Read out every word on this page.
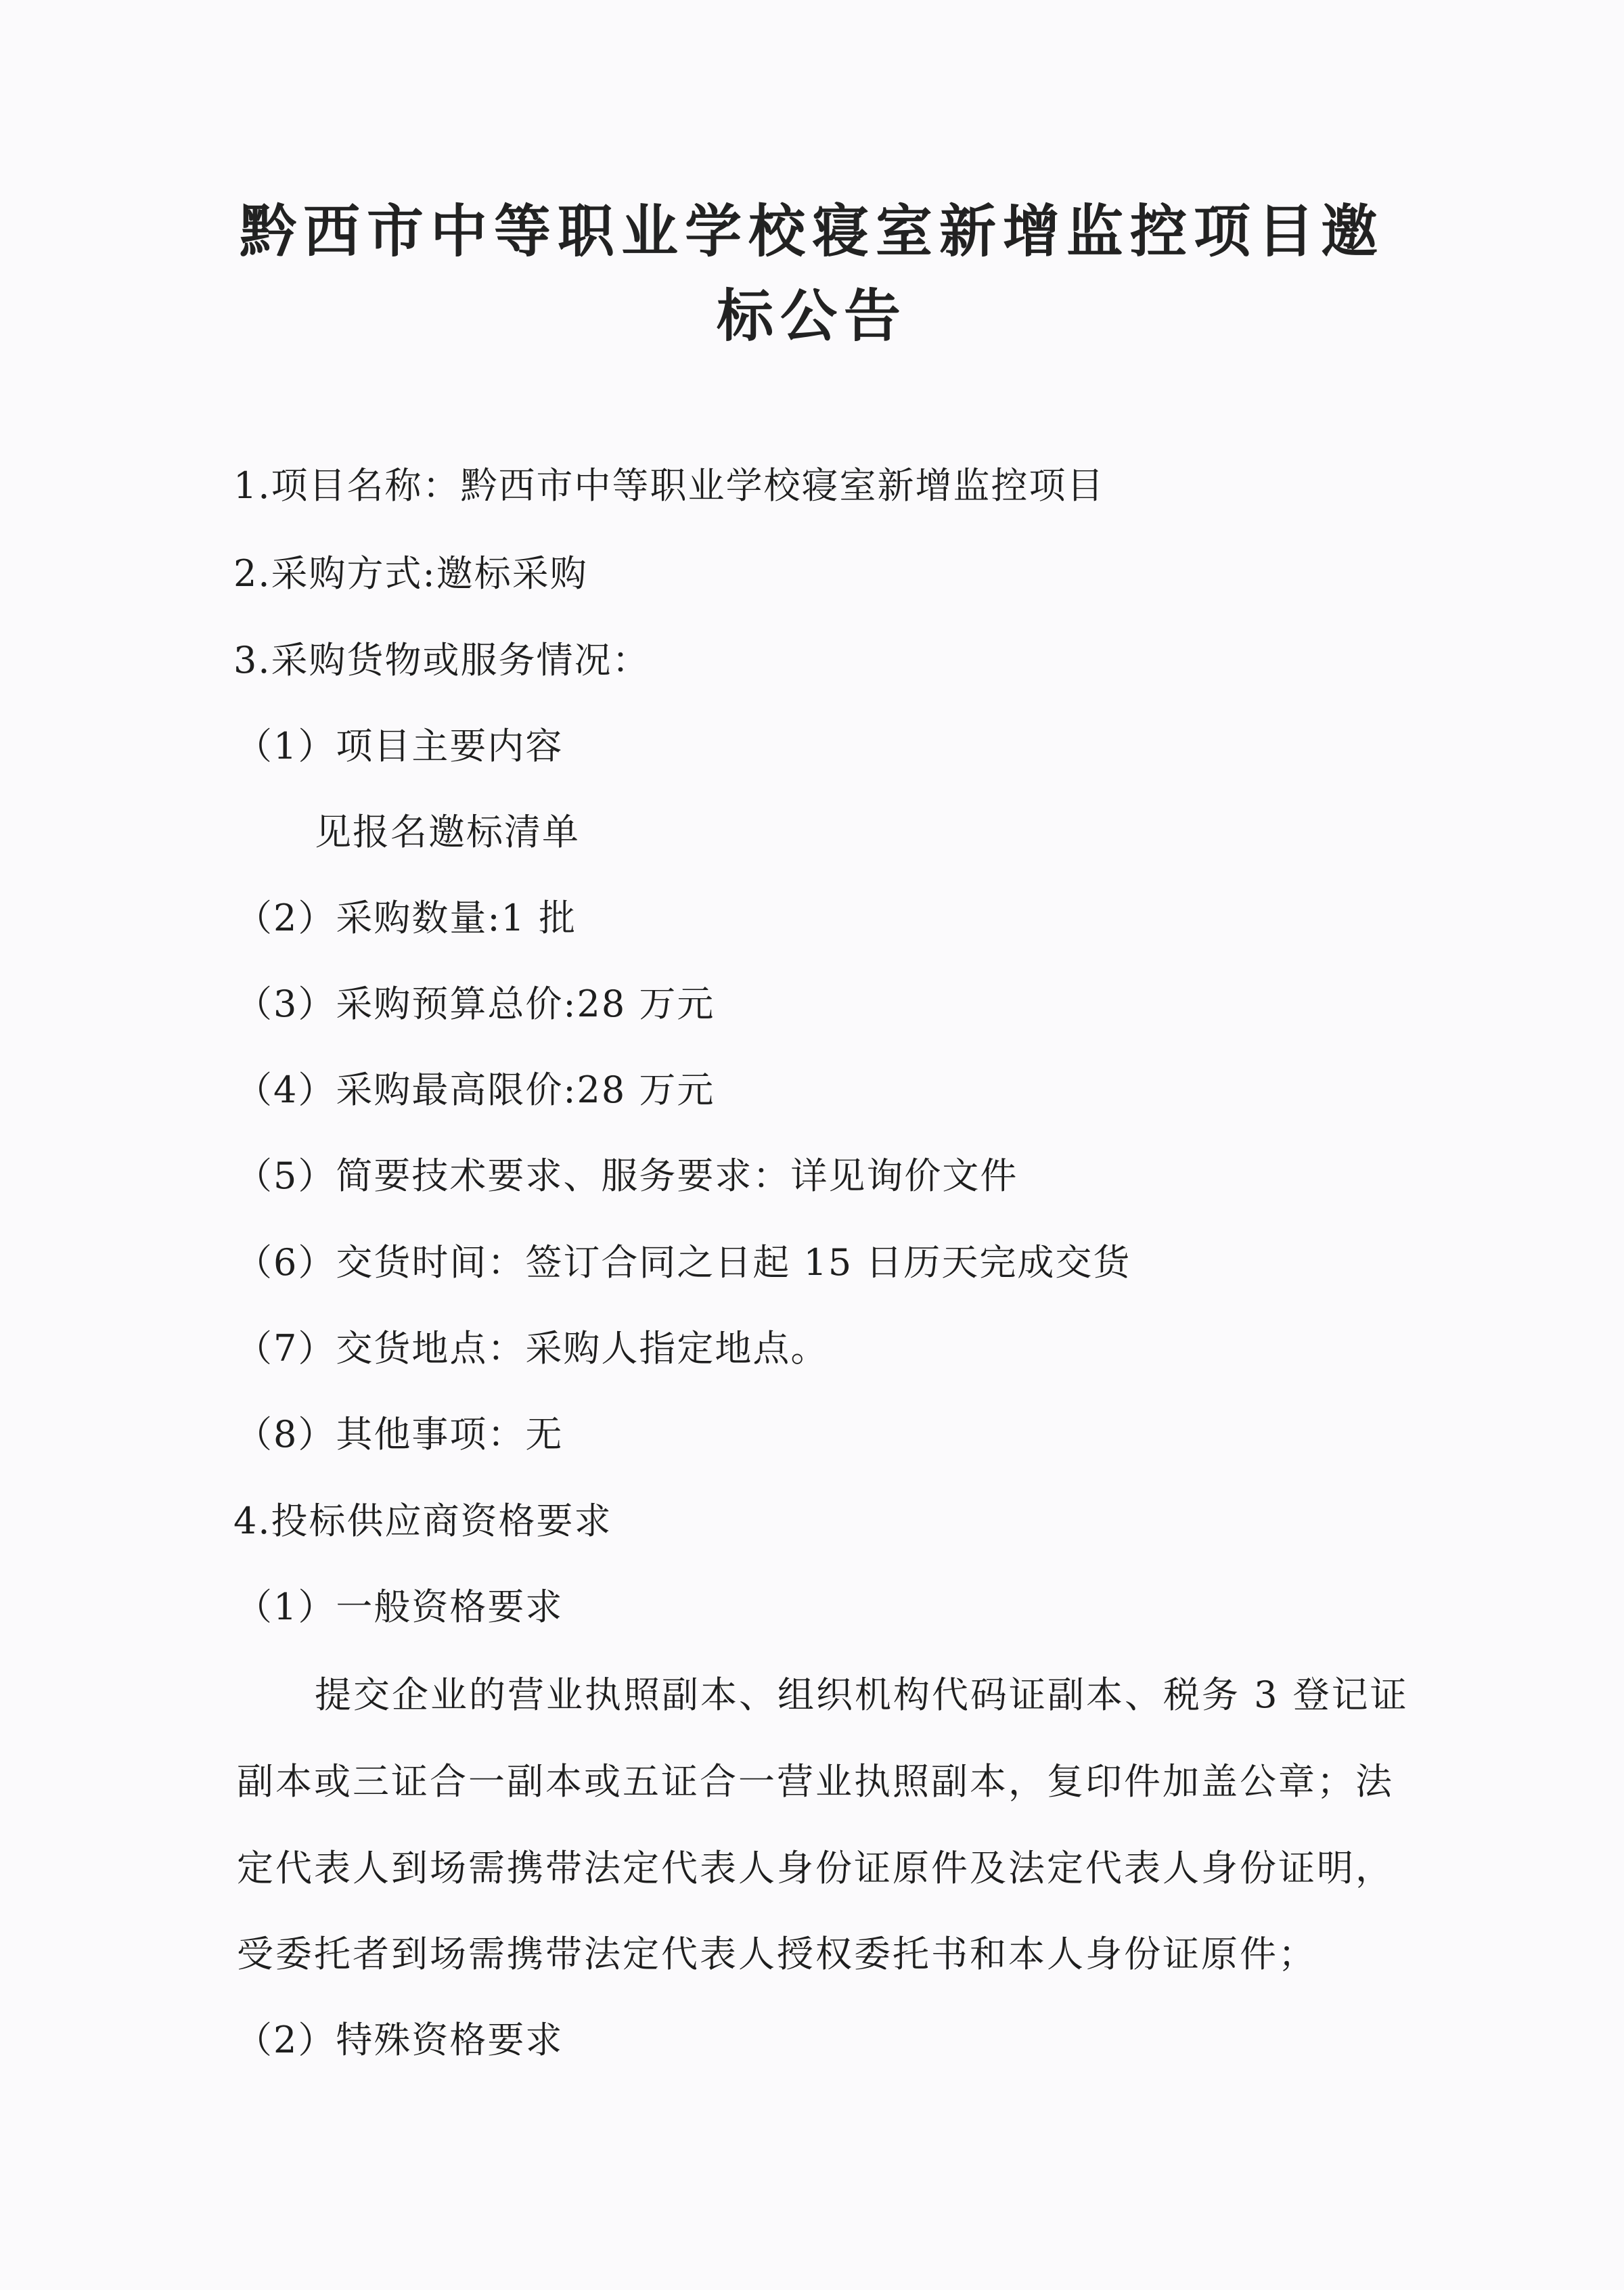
黔西市中等职业学校寝室新增监控项目邀
标公告
1.项目名称：黔西市中等职业学校寝室新增监控项目
2.采购方式:邀标采购
3.采购货物或服务情况：
（1）项目主要内容
见报名邀标清单
（2）采购数量:1 批
（3）采购预算总价:28 万元
（4）采购最高限价:28 万元
（5）简要技术要求、服务要求：详见询价文件
（6）交货时间：签订合同之日起 15 日历天完成交货
（7）交货地点：采购人指定地点。
（8）其他事项：无
4.投标供应商资格要求
（1）一般资格要求
提交企业的营业执照副本、组织机构代码证副本、税务 3 登记证
副本或三证合一副本或五证合一营业执照副本，复印件加盖公章；法
定代表人到场需携带法定代表人身份证原件及法定代表人身份证明，
受委托者到场需携带法定代表人授权委托书和本人身份证原件；
（2）特殊资格要求
